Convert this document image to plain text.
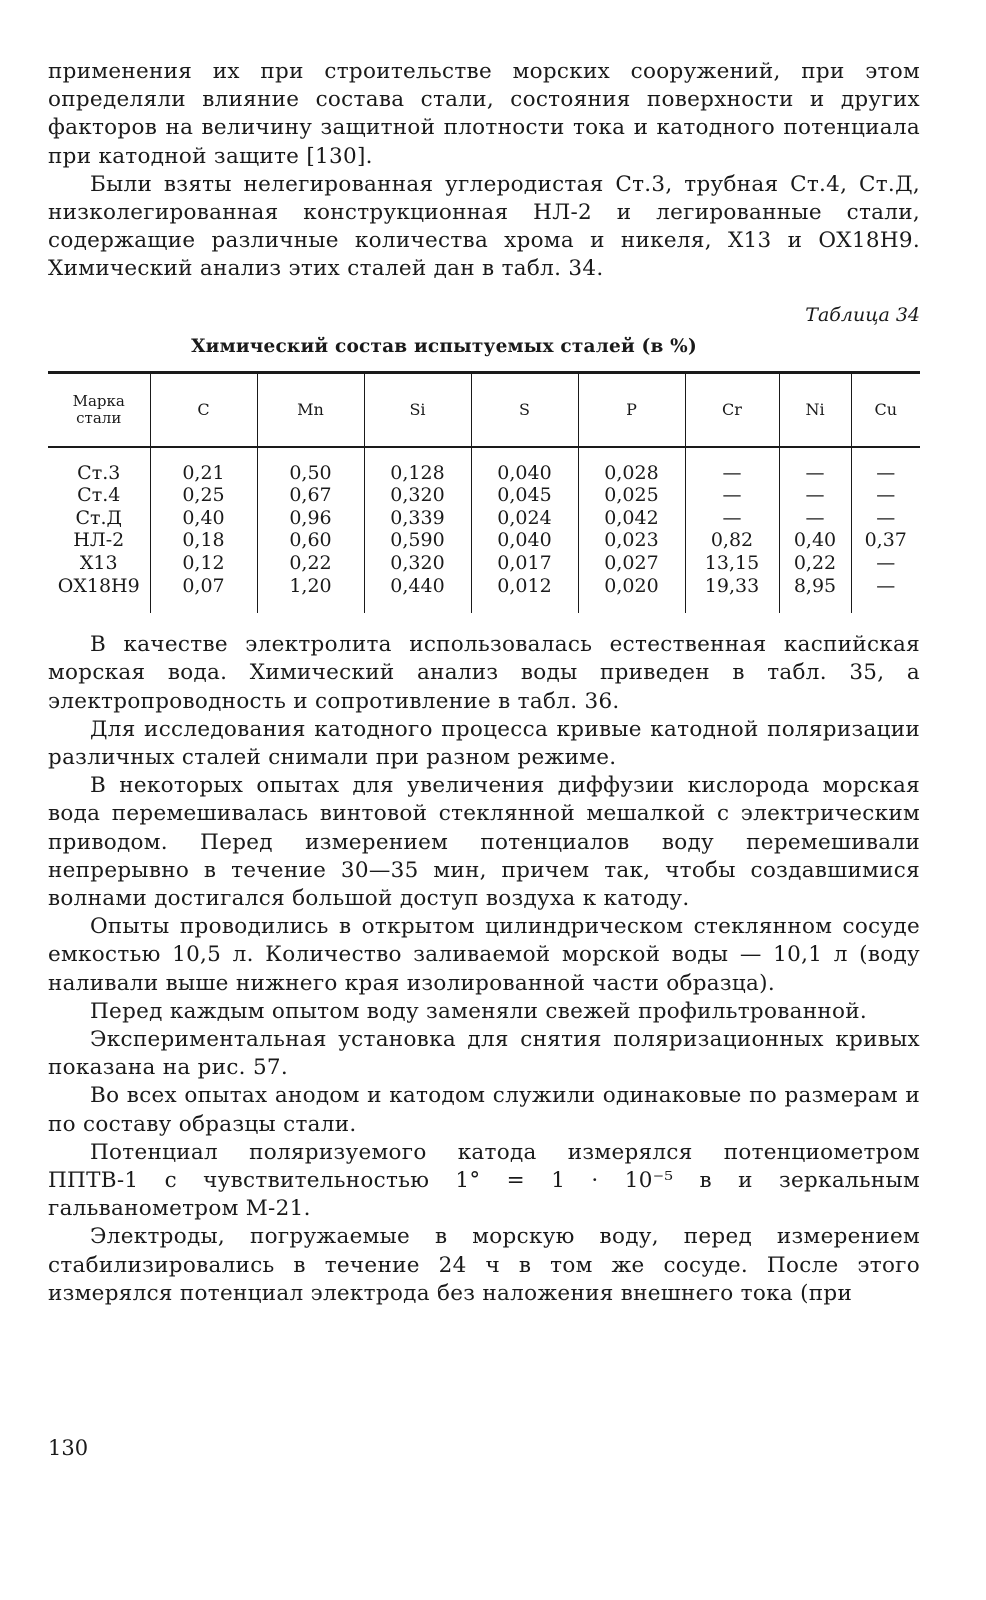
применения их при строительстве морских сооружений, при этом определяли влияние состава стали, состояния поверхности и других факторов на величину защитной плотности тока и катодного потенциала при катодной защите [130].

Были взяты нелегированная углеродистая Ст.3, трубная Ст.4, Ст.Д, низколегированная конструкционная НЛ-2 и легированные стали, содержащие различные количества хрома и никеля, Х13 и ОХ18Н9. Химический анализ этих сталей дан в табл. 34.

Таблица 34
Химический состав испытуемых сталей (в %)
Марка стали	C	Mn	Si	S	P	Cr	Ni	Cu
Ст.3	0,21	0,50	0,128	0,040	0,028	—	—	—
Ст.4	0,25	0,67	0,320	0,045	0,025	—	—	—
Ст.Д	0,40	0,96	0,339	0,024	0,042	—	—	—
НЛ-2	0,18	0,60	0,590	0,040	0,023	0,82	0,40	0,37
Х13	0,12	0,22	0,320	0,017	0,027	13,15	0,22	—
ОХ18Н9	0,07	1,20	0,440	0,012	0,020	19,33	8,95	—

В качестве электролита использовалась естественная каспийская морская вода. Химический анализ воды приведен в табл. 35, а электропроводность и сопротивление в табл. 36.

Для исследования катодного процесса кривые катодной поляризации различных сталей снимали при разном режиме.

В некоторых опытах для увеличения диффузии кислорода морская вода перемешивалась винтовой стеклянной мешалкой с электрическим приводом. Перед измерением потенциалов воду перемешивали непрерывно в течение 30—35 мин, причем так, чтобы создавшимися волнами достигался большой доступ воздуха к катоду.

Опыты проводились в открытом цилиндрическом стеклянном сосуде емкостью 10,5 л. Количество заливаемой морской воды — 10,1 л (воду наливали выше нижнего края изолированной части образца).

Перед каждым опытом воду заменяли свежей профильтрованной.

Экспериментальная установка для снятия поляризационных кривых показана на рис. 57.

Во всех опытах анодом и катодом служили одинаковые по размерам и по составу образцы стали.

Потенциал поляризуемого катода измерялся потенциометром ППТВ-1 с чувствительностью 1° = 1 · 10⁻⁵ в и зеркальным гальванометром М-21.

Электроды, погружаемые в морскую воду, перед измерением стабилизировались в течение 24 ч в том же сосуде. После этого измерялся потенциал электрода без наложения внешнего тока (при

130
